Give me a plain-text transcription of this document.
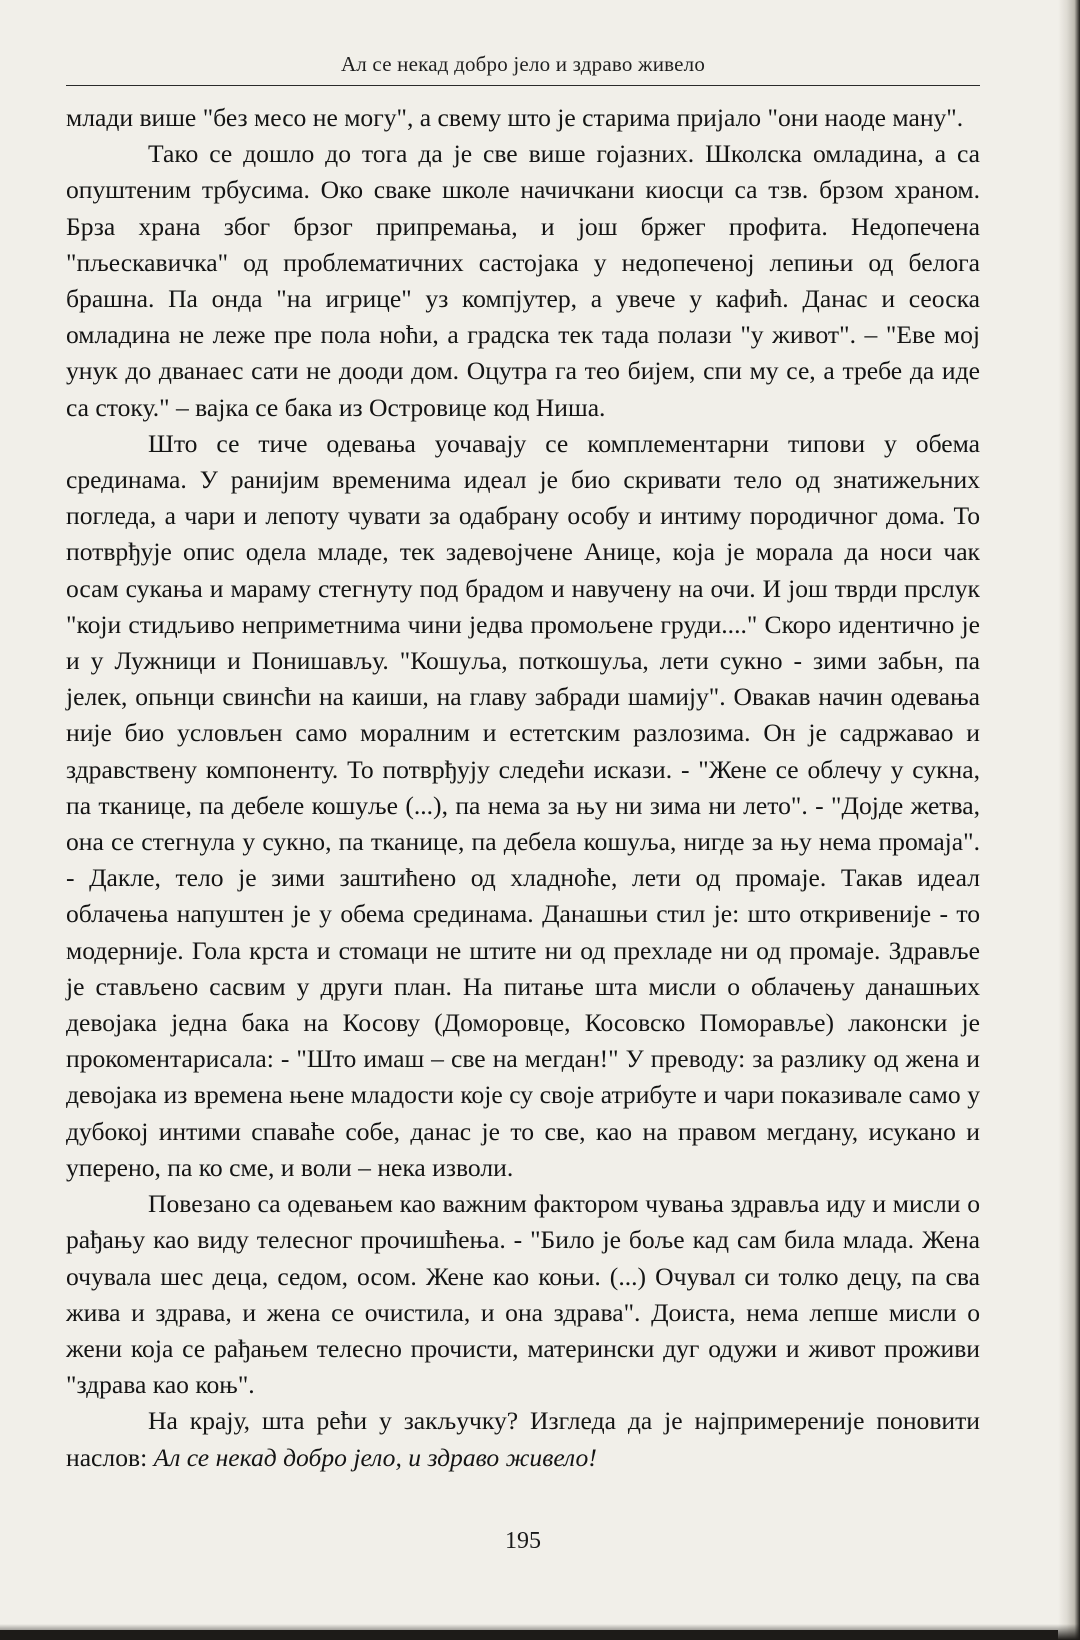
Ал се некад добро јело и здраво живело

млади више "без месо не могу", а свему што је старима пријало "они наоде ману".

Тако се дошло до тога да је све више гојазних. Школска омладина, а са опуштеним трбусима. Око сваке школе начичкани киосци са тзв. брзом храном. Брза храна због брзог припремања, и још бржег профита. Недопечена "пљескавичка" од проблематичних састојака у недопеченој лепињи од белога брашна. Па онда "на игрице" уз компјутер, а увече у кафић. Данас и сеоска омладина не леже пре пола ноћи, а градска тек тада полази "у живот". – "Еве мој унук до дванаес сати не дооди дом. Оцутра га тео бијем, спи му се, а требе да иде са стоку." – вајка се бака из Островице код Ниша.

Што се тиче одевања уочавају се комплементарни типови у обема срединама. У ранијим временима идеал је био скривати тело од знатижељних погледа, а чари и лепоту чувати за одабрану особу и интиму породичног дома. То потврђује опис одела младе, тек задевојчене Анице, која је морала да носи чак осам сукања и мараму стегнуту под брадом и навучену на очи. И још тврди прслук "који стидљиво неприметнима чини једва промољене груди...." Скоро идентично је и у Лужници и Понишављу. "Кошуља, поткошуља, лети сукно - зими забьн, па јелек, опьнци свинсћи на каиши, на главу забради шамију". Овакав начин одевања није био условљен само моралним и естетским разлозима. Он је садржавао и здравствену компоненту. То потврђују следећи искази. - "Жене се облечу у сукна, па тканице, па дебеле кошуље (...), па нема за њу ни зима ни лето". - "Дојде жетва, она се стегнула у сукно, па тканице, па дебела кошуља, нигде за њу нема промаја". - Дакле, тело је зими заштићено од хладноће, лети од промаје. Такав идеал облачења напуштен је у обема срединама. Данашњи стил је: што откривеније - то модерније. Гола крста и стомаци не штите ни од прехладе ни од промаје. Здравље је стављено сасвим у други план. На питање шта мисли о облачењу данашњих девојака једна бака на Косову (Доморовце, Косовско Поморавље) лаконски је прокоментарисала: - "Што имаш – све на мегдан!" У преводу: за разлику од жена и девојака из времена њене младости које су своје атрибуте и чари показивале само у дубокој интими спаваће собе, данас је то све, као на правом мегдану, исукано и уперено, па ко сме, и воли – нека изволи.

Повезано са одевањем као важним фактором чувања здравља иду и мисли о рађању као виду телесног прочишћења. - "Било је боље кад сам била млада. Жена очувала шес деца, седом, осом. Жене као коњи. (...) Очувал си толко децу, па сва жива и здрава, и жена се очистила, и она здрава". Доиста, нема лепше мисли о жени која се рађањем телесно прочисти, матерински дуг одужи и живот проживи "здрава као коњ".

На крају, шта рећи у закључку? Изгледа да је најпримереније поновити наслов: Ал се некад добро јело, и здраво живело!

195
